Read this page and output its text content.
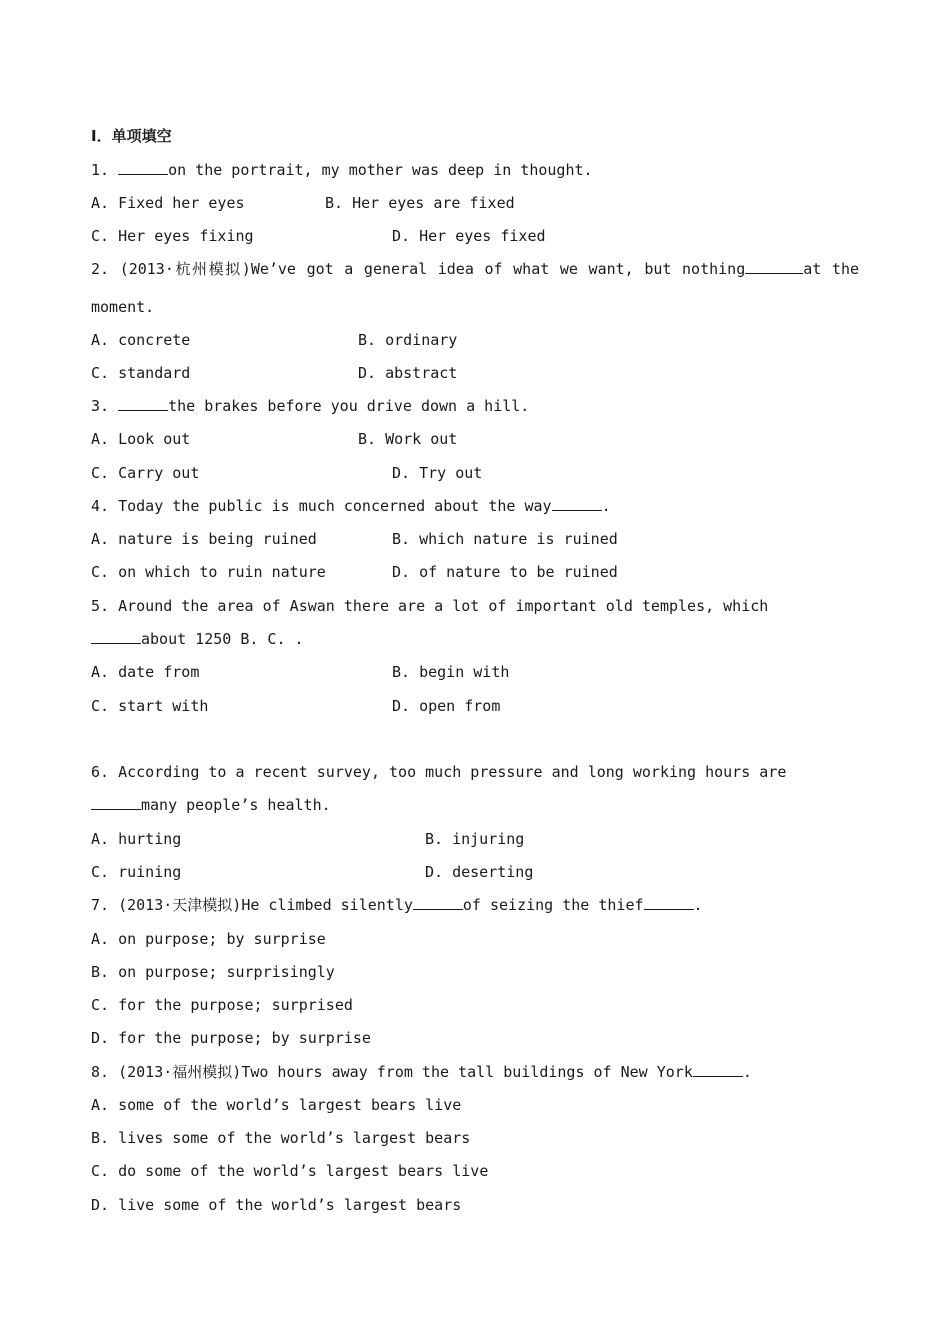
Ⅰ．单项填空
1.	on the portrait, my mother was deep in thought.
A. Fixed her eyes	B. Her eyes are fixed
C. Her eyes fixing	D. Her eyes fixed
2. (2013·杭州模拟)We’ve got a general idea of what we want, but nothing	at the
moment.
A. concrete	B. ordinary
C. standard	D. abstract
3.	the brakes before you drive down a hill.
A. Look out	B. Work out
C. Carry out	D. Try out
4. Today the public is much concerned about the way	.
A. nature is being ruined	B. which nature is ruined
C. on which to ruin nature	D. of nature to be ruined
5. Around the area of Aswan there are a lot of important old temples, which
about 1250 B. C. .
A. date from	B. begin with
C. start with	D. open from
6. According to a recent survey, too much pressure and long working hours are
many people’s health.
A. hurting	B. injuring
C. ruining	D. deserting
7. (2013·天津模拟)He climbed silently	of seizing the thief	.
A. on purpose; by surprise
B. on purpose; surprisingly
C. for the purpose; surprised
D. for the purpose; by surprise
8. (2013·福州模拟)Two hours away from the tall buildings of New York	.
A. some of the world’s largest bears live
B. lives some of the world’s largest bears
C. do some of the world’s largest bears live
D. live some of the world’s largest bears
